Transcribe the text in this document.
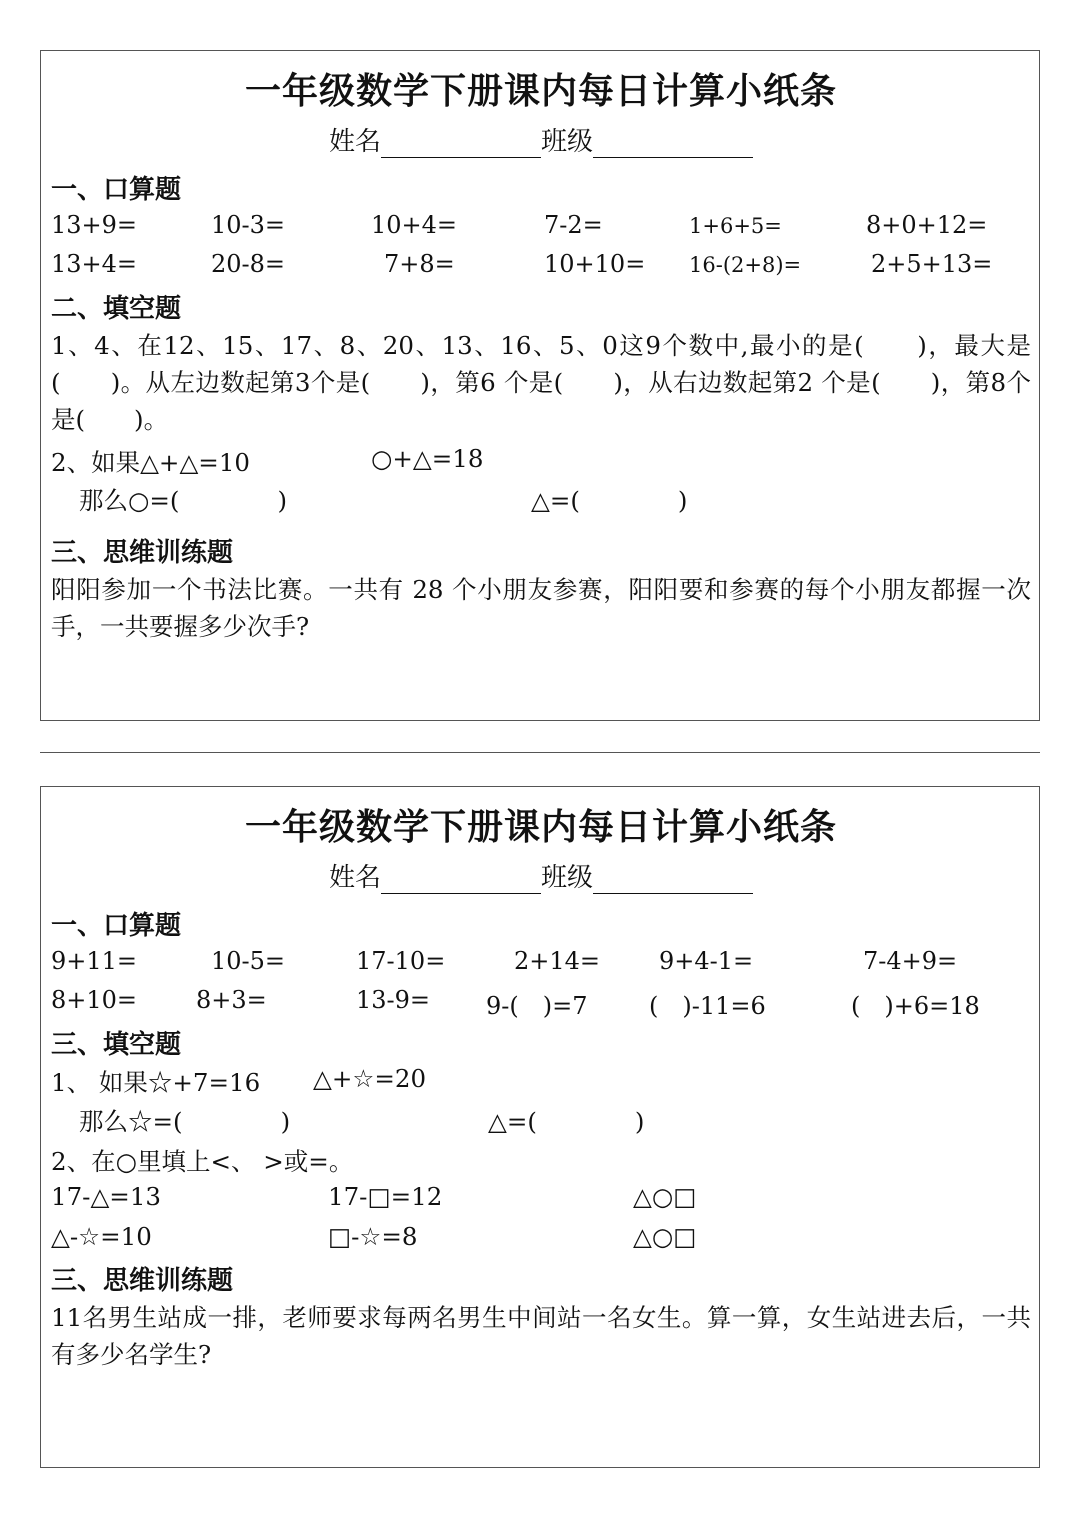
一年级数学下册课内每日计算小纸条
姓名	班级
一、口算题
13+9=	10-3=	10+4=	7-2=	1+6+5=	8+0+12=
13+4=	20-8=	7+8=	10+10= 16-(2+8)=	2+5+13=
二、填空题
1、4、在12、15、17、8、20、13、16、5、0这9个数中,最小的是(　　)，最大是(　　)。从左边数起第3个是(　　)，第6 个是(　　)，从右边数起第2 个是(　　)，第8个是(　　)。
2、如果△+△=10	○+△=18
那么○=(　　　　)	△=(　　　　)
三、思维训练题
阳阳参加一个书法比赛。一共有 28 个小朋友参赛，阳阳要和参赛的每个小朋友都握一次手，一共要握多少次手?
一年级数学下册课内每日计算小纸条
姓名	班级
一、口算题
9+11=	10-5=	17-10=	2+14= 9+4-1=	7-4+9=
8+10= 8+3=	13-9= 9-(　)=7	(　)-11=6	(　)+6=18
三、填空题
1、 如果☆+7=16 △+☆=20
那么☆=(　　　　)	△=(　　　　)
2、在○里填上<、 >或=。
17-△=13	17-□=12	△○□
△-☆=10	□-☆=8	△○□
三、思维训练题
11名男生站成一排，老师要求每两名男生中间站一名女生。算一算，女生站进去后，一共有多少名学生?
